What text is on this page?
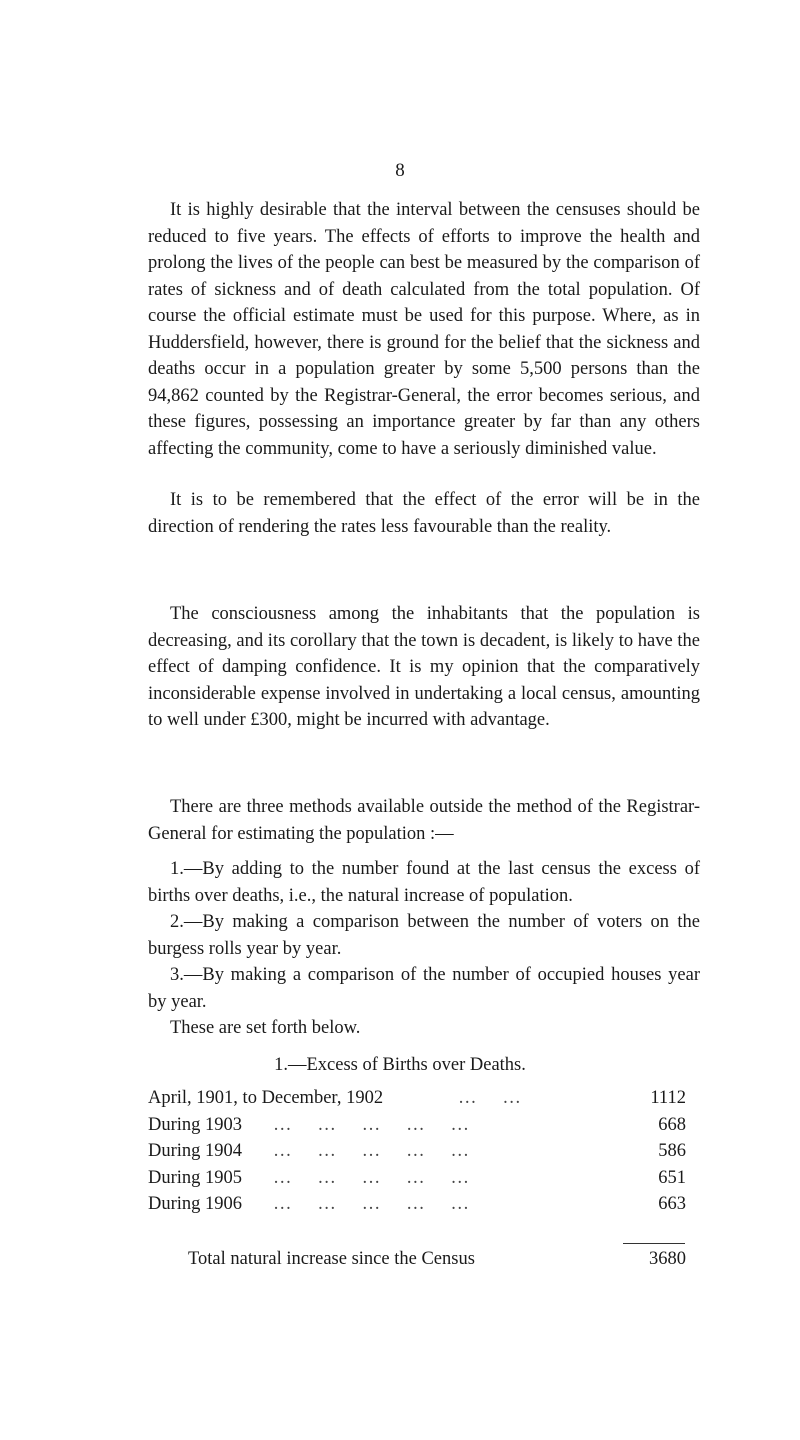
8

It is highly desirable that the interval between the censuses should be reduced to five years. The effects of efforts to improve the health and prolong the lives of the people can best be measured by the comparison of rates of sickness and of death calculated from the total population. Of course the official estimate must be used for this purpose. Where, as in Huddersfield, however, there is ground for the belief that the sickness and deaths occur in a population greater by some 5,500 persons than the 94,862 counted by the Registrar-General, the error becomes serious, and these figures, possessing an importance greater by far than any others affecting the community, come to have a seriously diminished value.

It is to be remembered that the effect of the error will be in the direction of rendering the rates less favourable than the reality.

The consciousness among the inhabitants that the population is decreasing, and its corollary that the town is decadent, is likely to have the effect of damping confidence. It is my opinion that the comparatively inconsiderable expense involved in undertaking a local census, amounting to well under £300, might be incurred with advantage.

There are three methods available outside the method of the Registrar-General for estimating the population :—

1.—By adding to the number found at the last census the excess of births over deaths, i.e., the natural increase of population.

2.—By making a comparison between the number of voters on the burgess rolls year by year.

3.—By making a comparison of the number of occupied houses year by year.

These are set forth below.

1.—Excess of Births over Deaths.
April, 1901, to December, 1902	…   …	1112
During 1903 …   …   …   …   …	668
During 1904 …   …   …   …   …	586
During 1905 …   …   …   …   …	651
During 1906 …   …   …   …   …	663
Total natural increase since the Census	3680
